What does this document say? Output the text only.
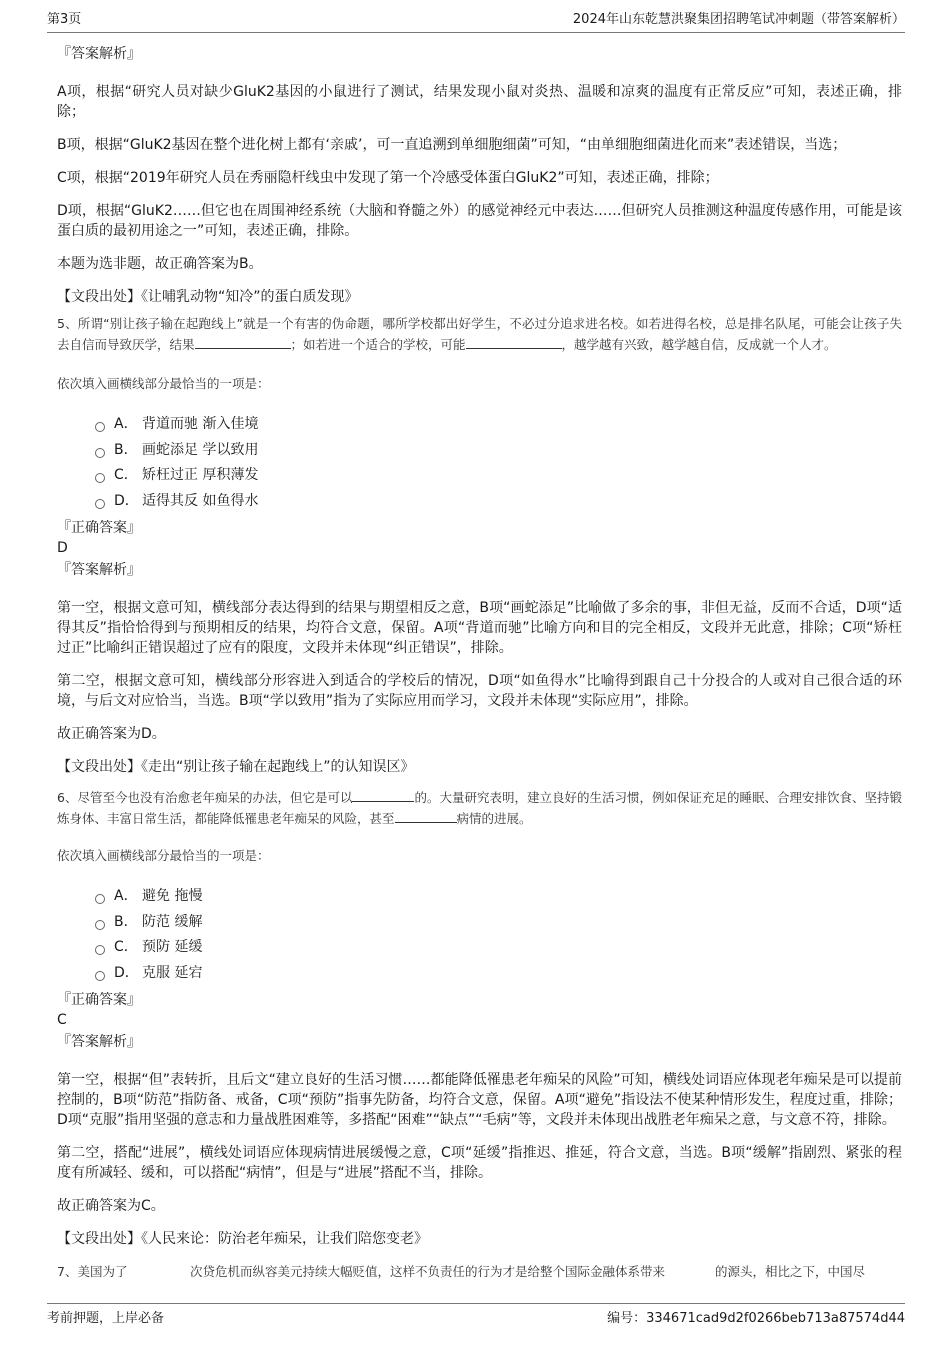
第3页	2024年山东乾慧洪聚集团招聘笔试冲刺题（带答案解析）

『答案解析』

A项，根据“研究人员对缺少GluK2基因的小鼠进行了测试，结果发现小鼠对炎热、温暖和凉爽的温度有正常反应”可知，表述正确，排除；

B项，根据“GluK2基因在整个进化树上都有‘亲戚’，可一直追溯到单细胞细菌”可知，“由单细胞细菌进化而来”表述错误，当选；

C项，根据“2019年研究人员在秀丽隐杆线虫中发现了第一个冷感受体蛋白GluK2”可知，表述正确，排除；

D项，根据“GluK2……但它也在周围神经系统（大脑和脊髓之外）的感觉神经元中表达……但研究人员推测这种温度传感作用，可能是该蛋白质的最初用途之一”可知，表述正确，排除。

本题为选非题，故正确答案为B。

【文段出处】《让哺乳动物“知冷”的蛋白质发现》

5、所谓“别让孩子输在起跑线上”就是一个有害的伪命题，哪所学校都出好学生，不必过分追求进名校。如若进得名校，总是排名队尾，可能会让孩子失去自信而导致厌学，结果	；如若进一个适合的学校，可能	，越学越有兴致，越学越自信，反成就一个人才。

依次填入画横线部分最恰当的一项是：

A． 背道而驰 渐入佳境
B． 画蛇添足 学以致用
C． 矫枉过正 厚积薄发
D． 适得其反 如鱼得水

『正确答案』

D

『答案解析』

第一空，根据文意可知，横线部分表达得到的结果与期望相反之意，B项“画蛇添足”比喻做了多余的事，非但无益，反而不合适，D项“适得其反”指恰恰得到与预期相反的结果，均符合文意，保留。A项“背道而驰”比喻方向和目的完全相反，文段并无此意，排除；C项“矫枉过正”比喻纠正错误超过了应有的限度，文段并未体现“纠正错误”，排除。

第二空，根据文意可知，横线部分形容进入到适合的学校后的情况，D项“如鱼得水”比喻得到跟自己十分投合的人或对自己很合适的环境，与后文对应恰当，当选。B项“学以致用”指为了实际应用而学习，文段并未体现“实际应用”，排除。

故正确答案为D。

【文段出处】《走出“别让孩子输在起跑线上”的认知误区》

6、尽管至今也没有治愈老年痴呆的办法，但它是可以	的。大量研究表明，建立良好的生活习惯，例如保证充足的睡眠、合理安排饮食、坚持锻炼身体、丰富日常生活，都能降低罹患老年痴呆的风险，甚至	病情的进展。

依次填入画横线部分最恰当的一项是：

A． 避免 拖慢
B． 防范 缓解
C． 预防 延缓
D． 克服 延宕

『正确答案』

C

『答案解析』

第一空，根据“但”表转折，且后文“建立良好的生活习惯……都能降低罹患老年痴呆的风险”可知，横线处词语应体现老年痴呆是可以提前控制的，B项“防范”指防备、戒备，C项“预防”指事先防备，均符合文意，保留。A项“避免”指设法不使某种情形发生，程度过重，排除；D项“克服”指用坚强的意志和力量战胜困难等，多搭配“困难”“缺点”“毛病”等，文段并未体现出战胜老年痴呆之意，与文意不符，排除。

第二空，搭配“进展”，横线处词语应体现病情进展缓慢之意，C项“延缓”指推迟、推延，符合文意，当选。B项“缓解”指剧烈、紧张的程度有所减轻、缓和，可以搭配“病情”，但是与“进展”搭配不当，排除。

故正确答案为C。

【文段出处】《人民来论：防治老年痴呆，让我们陪您变老》

7、美国为了　　　　　次贷危机而纵容美元持续大幅贬值，这样不负责任的行为才是给整个国际金融体系带来　　　　的源头，相比之下，中国尽

考前押题，上岸必备	编号：334671cad9d2f0266beb713a87574d44
